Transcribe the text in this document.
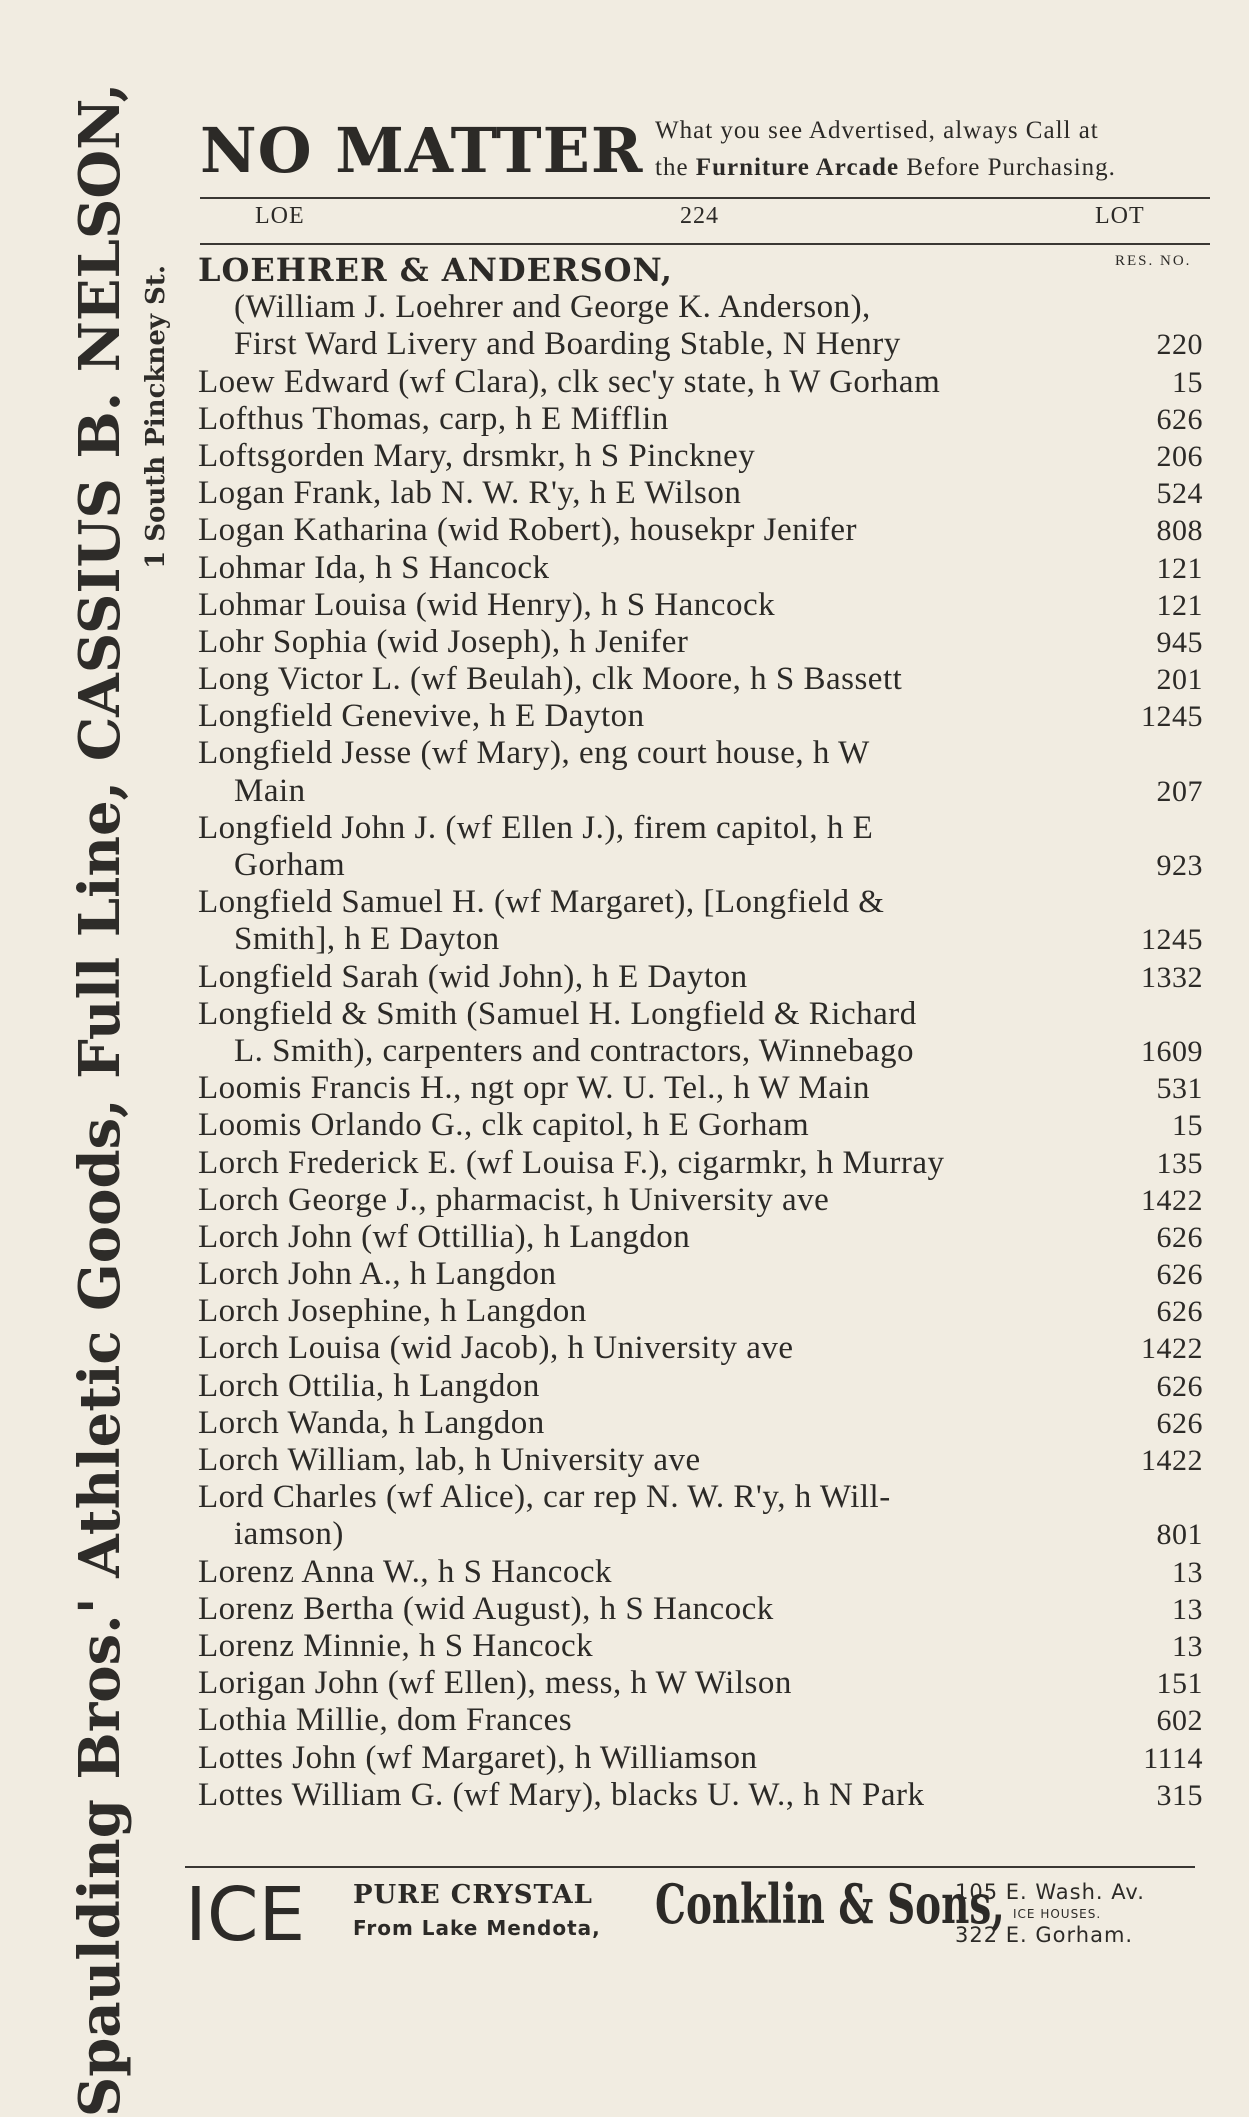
Spaulding Bros.' Athletic Goods, Full Line, CASSIUS B. NELSON, 1 South Pinckney St.
NO MATTER What you see Advertised, always Call at
the Furniture Arcade Before Purchasing.
LOE	224	LOT
RES. NO.
LOEHRER & ANDERSON,
(William J. Loehrer and George K. Anderson),
First Ward Livery and Boarding Stable, N Henry	220
Loew Edward (wf Clara), clk sec'y state, h W Gorham	15
Lofthus Thomas, carp, h E Mifflin	626
Loftsgorden Mary, drsmkr, h S Pinckney	206
Logan Frank, lab N. W. R'y, h E Wilson	524
Logan Katharina (wid Robert), housekpr Jenifer	808
Lohmar Ida, h S Hancock	121
Lohmar Louisa (wid Henry), h S Hancock	121
Lohr Sophia (wid Joseph), h Jenifer	945
Long Victor L. (wf Beulah), clk Moore, h S Bassett	201
Longfield Genevive, h E Dayton	1245
Longfield Jesse (wf Mary), eng court house, h W
Main	207
Longfield John J. (wf Ellen J.), firem capitol, h E
Gorham	923
Longfield Samuel H. (wf Margaret), [Longfield &
Smith], h E Dayton	1245
Longfield Sarah (wid John), h E Dayton	1332
Longfield & Smith (Samuel H. Longfield & Richard
L. Smith), carpenters and contractors, Winnebago	1609
Loomis Francis H., ngt opr W. U. Tel., h W Main	531
Loomis Orlando G., clk capitol, h E Gorham	15
Lorch Frederick E. (wf Louisa F.), cigarmkr, h Murray	135
Lorch George J., pharmacist, h University ave	1422
Lorch John (wf Ottillia), h Langdon	626
Lorch John A., h Langdon	626
Lorch Josephine, h Langdon	626
Lorch Louisa (wid Jacob), h University ave	1422
Lorch Ottilia, h Langdon	626
Lorch Wanda, h Langdon	626
Lorch William, lab, h University ave	1422
Lord Charles (wf Alice), car rep N. W. R'y, h Will-
iamson)	801
Lorenz Anna W., h S Hancock	13
Lorenz Bertha (wid August), h S Hancock	13
Lorenz Minnie, h S Hancock	13
Lorigan John (wf Ellen), mess, h W Wilson	151
Lothia Millie, dom Frances	602
Lottes John (wf Margaret), h Williamson	1114
Lottes William G. (wf Mary), blacks U. W., h N Park	315
ICE PURE CRYSTAL
From Lake Mendota, Conklin & Sons,
105 E. Wash. Av.
ICE HOUSES.
322 E. Gorham.
